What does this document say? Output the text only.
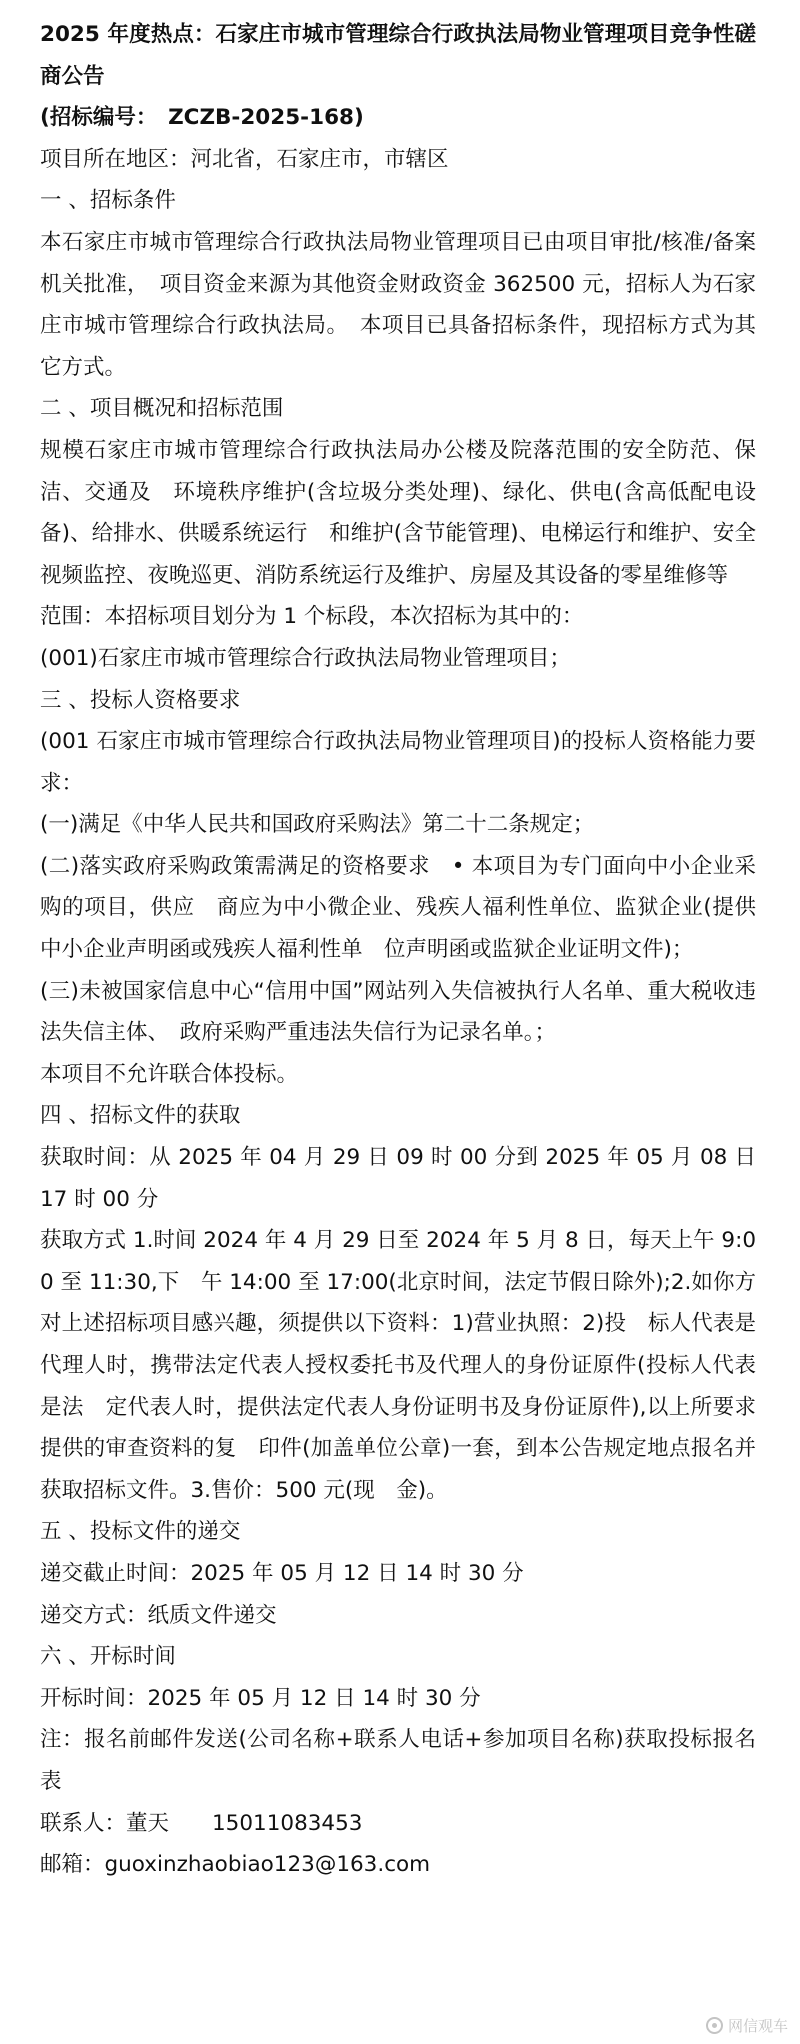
2025 年度热点：石家庄市城市管理综合行政执法局物业管理项目竞争性磋商公告

(招标编号：　ZCZB-2025-168)

项目所在地区：河北省，石家庄市，市辖区

一 、招标条件

本石家庄市城市管理综合行政执法局物业管理项目已由项目审批/核准/备案机关批准，　项目资金来源为其他资金财政资金 362500 元，招标人为石家庄市城市管理综合行政执法局。　本项目已具备招标条件，现招标方式为其它方式。

二 、项目概况和招标范围

规模石家庄市城市管理综合行政执法局办公楼及院落范围的安全防范、保洁、交通及　环境秩序维护(含垃圾分类处理)、绿化、供电(含高低配电设备)、给排水、供暖系统运行　和维护(含节能管理)、电梯运行和维护、安全视频监控、夜晚巡更、消防系统运行及维护、房屋及其设备的零星维修等

范围：本招标项目划分为 1 个标段，本次招标为其中的：

(001)石家庄市城市管理综合行政执法局物业管理项目；

三 、投标人资格要求

(001 石家庄市城市管理综合行政执法局物业管理项目)的投标人资格能力要求：

(一)满足《中华人民共和国政府采购法》第二十二条规定；

(二)落实政府采购政策需满足的资格要求　• 本项目为专门面向中小企业采购的项目，供应　商应为中小微企业、残疾人福利性单位、监狱企业(提供中小企业声明函或残疾人福利性单　位声明函或监狱企业证明文件)；

(三)未被国家信息中心“信用中国”网站列入失信被执行人名单、重大税收违法失信主体、　政府采购严重违法失信行为记录名单。；

本项目不允许联合体投标。

四 、招标文件的获取

获取时间：从 2025 年 04 月 29 日 09 时 00 分到 2025 年 05 月 08 日 17 时 00 分

获取方式 1.时间 2024 年 4 月 29 日至 2024 年 5 月 8 日，每天上午 9:00 至 11:30,下　午 14:00 至 17:00(北京时间，法定节假日除外);2.如你方对上述招标项目感兴趣，须提供以下资料：1)营业执照：2)投　标人代表是代理人时，携带法定代表人授权委托书及代理人的身份证原件(投标人代表是法　定代表人时，提供法定代表人身份证明书及身份证原件),以上所要求提供的审查资料的复　印件(加盖单位公章)一套，到本公告规定地点报名并获取招标文件。3.售价：500 元(现　金)。

五 、投标文件的递交

递交截止时间：2025 年 05 月 12 日 14 时 30 分

递交方式：纸质文件递交

六 、开标时间

开标时间：2025 年 05 月 12 日 14 时 30 分

注：报名前邮件发送(公司名称+联系人电话+参加项目名称)获取投标报名表

联系人：董天　　15011083453

邮箱：guoxinzhaobiao123@163.com

网信观车
